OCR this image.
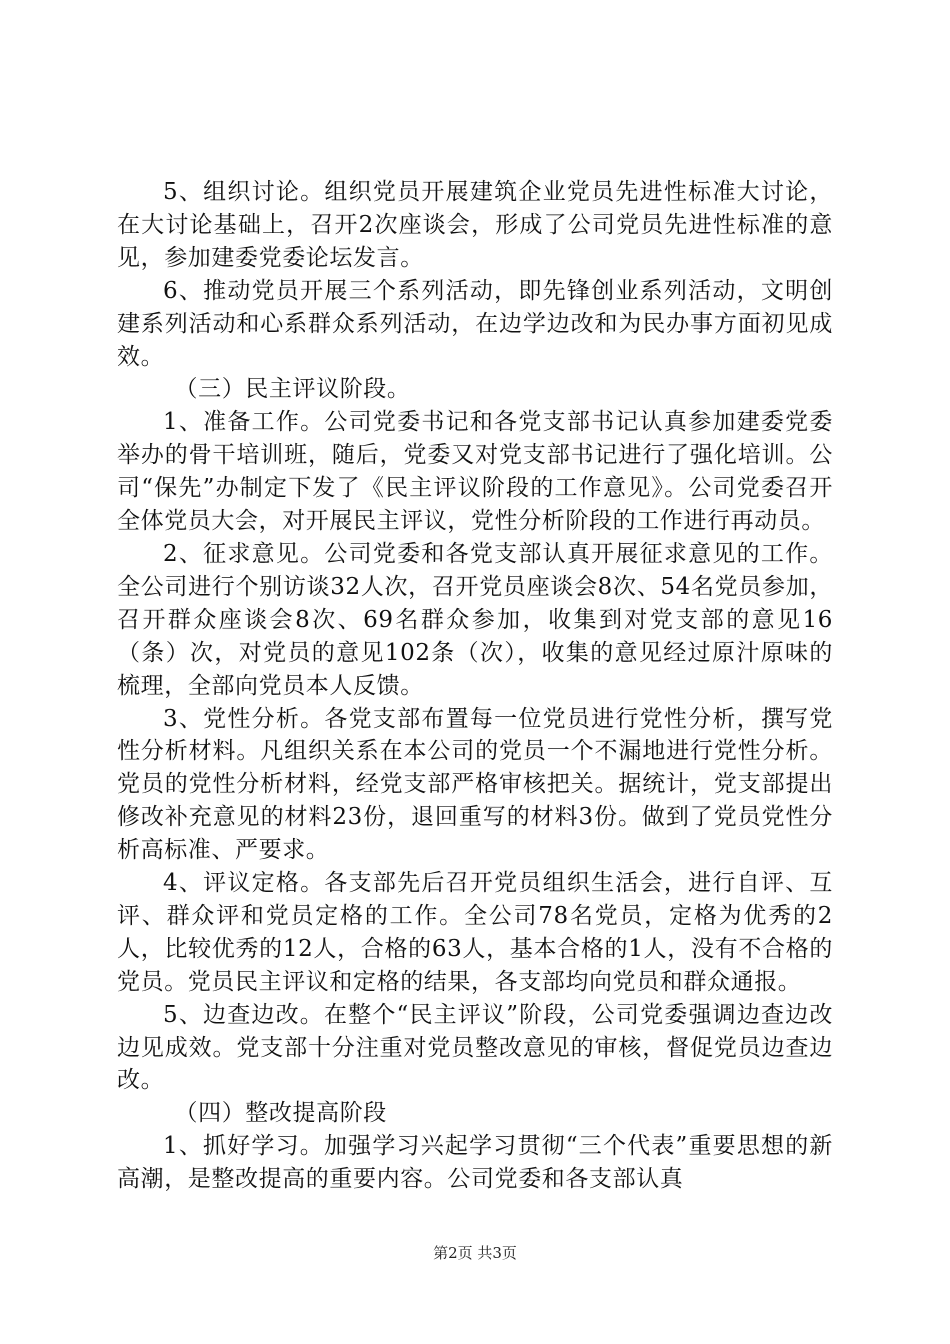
5、组织讨论。组织党员开展建筑企业党员先进性标准大讨论，在大讨论基础上，召开2次座谈会，形成了公司党员先进性标准的意见，参加建委党委论坛发言。

6、推动党员开展三个系列活动，即先锋创业系列活动，文明创建系列活动和心系群众系列活动，在边学边改和为民办事方面初见成效。

（三）民主评议阶段。

1、准备工作。公司党委书记和各党支部书记认真参加建委党委举办的骨干培训班，随后，党委又对党支部书记进行了强化培训。公司“保先”办制定下发了《民主评议阶段的工作意见》。公司党委召开全体党员大会，对开展民主评议，党性分析阶段的工作进行再动员。

2、征求意见。公司党委和各党支部认真开展征求意见的工作。全公司进行个别访谈32人次，召开党员座谈会8次、54名党员参加，召开群众座谈会8次、69名群众参加，收集到对党支部的意见16（条）次，对党员的意见102条（次），收集的意见经过原汁原味的梳理，全部向党员本人反馈。

3、党性分析。各党支部布置每一位党员进行党性分析，撰写党性分析材料。凡组织关系在本公司的党员一个不漏地进行党性分析。党员的党性分析材料，经党支部严格审核把关。据统计，党支部提出修改补充意见的材料23份，退回重写的材料3份。做到了党员党性分析高标准、严要求。

4、评议定格。各支部先后召开党员组织生活会，进行自评、互评、群众评和党员定格的工作。全公司78名党员，定格为优秀的2人，比较优秀的12人，合格的63人，基本合格的1人，没有不合格的党员。党员民主评议和定格的结果，各支部均向党员和群众通报。

5、边查边改。在整个“民主评议”阶段，公司党委强调边查边改边见成效。党支部十分注重对党员整改意见的审核，督促党员边查边改。

（四）整改提高阶段

1、抓好学习。加强学习兴起学习贯彻“三个代表”重要思想的新高潮，是整改提高的重要内容。公司党委和各支部认真

第2页 共3页
